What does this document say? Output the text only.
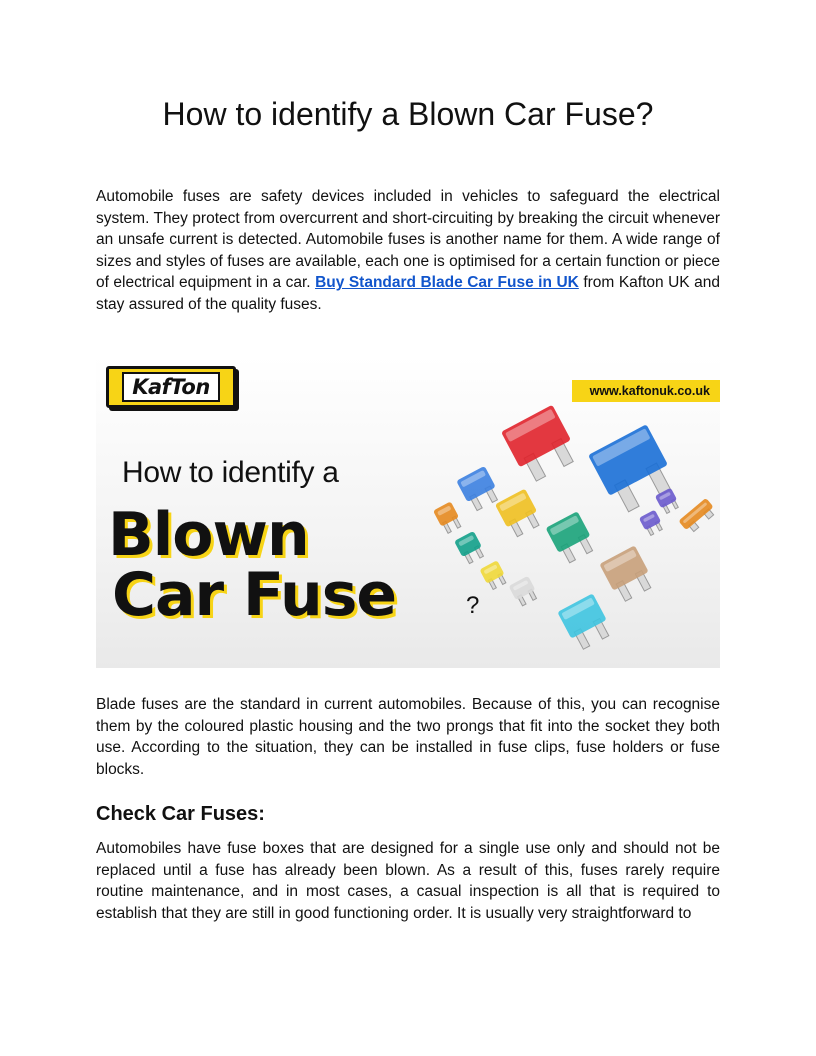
How to identify a Blown Car Fuse?

Automobile fuses are safety devices included in vehicles to safeguard the electrical system. They protect from overcurrent and short-circuiting by breaking the circuit whenever an unsafe current is detected. Automobile fuses is another name for them. A wide range of sizes and styles of fuses are available, each one is optimised for a certain function or piece of electrical equipment in a car. Buy Standard Blade Car Fuse in UK from Kafton UK and stay assured of the quality fuses.

KafTon	www.kaftonuk.co.uk
How to identify a
Blown
Car Fuse	?

Blade fuses are the standard in current automobiles. Because of this, you can recognise them by the coloured plastic housing and the two prongs that fit into the socket they both use. According to the situation, they can be installed in fuse clips, fuse holders or fuse blocks.

Check Car Fuses:

Automobiles have fuse boxes that are designed for a single use only and should not be replaced until a fuse has already been blown. As a result of this, fuses rarely require routine maintenance, and in most cases, a casual inspection is all that is required to establish that they are still in good functioning order. It is usually very straightforward to
